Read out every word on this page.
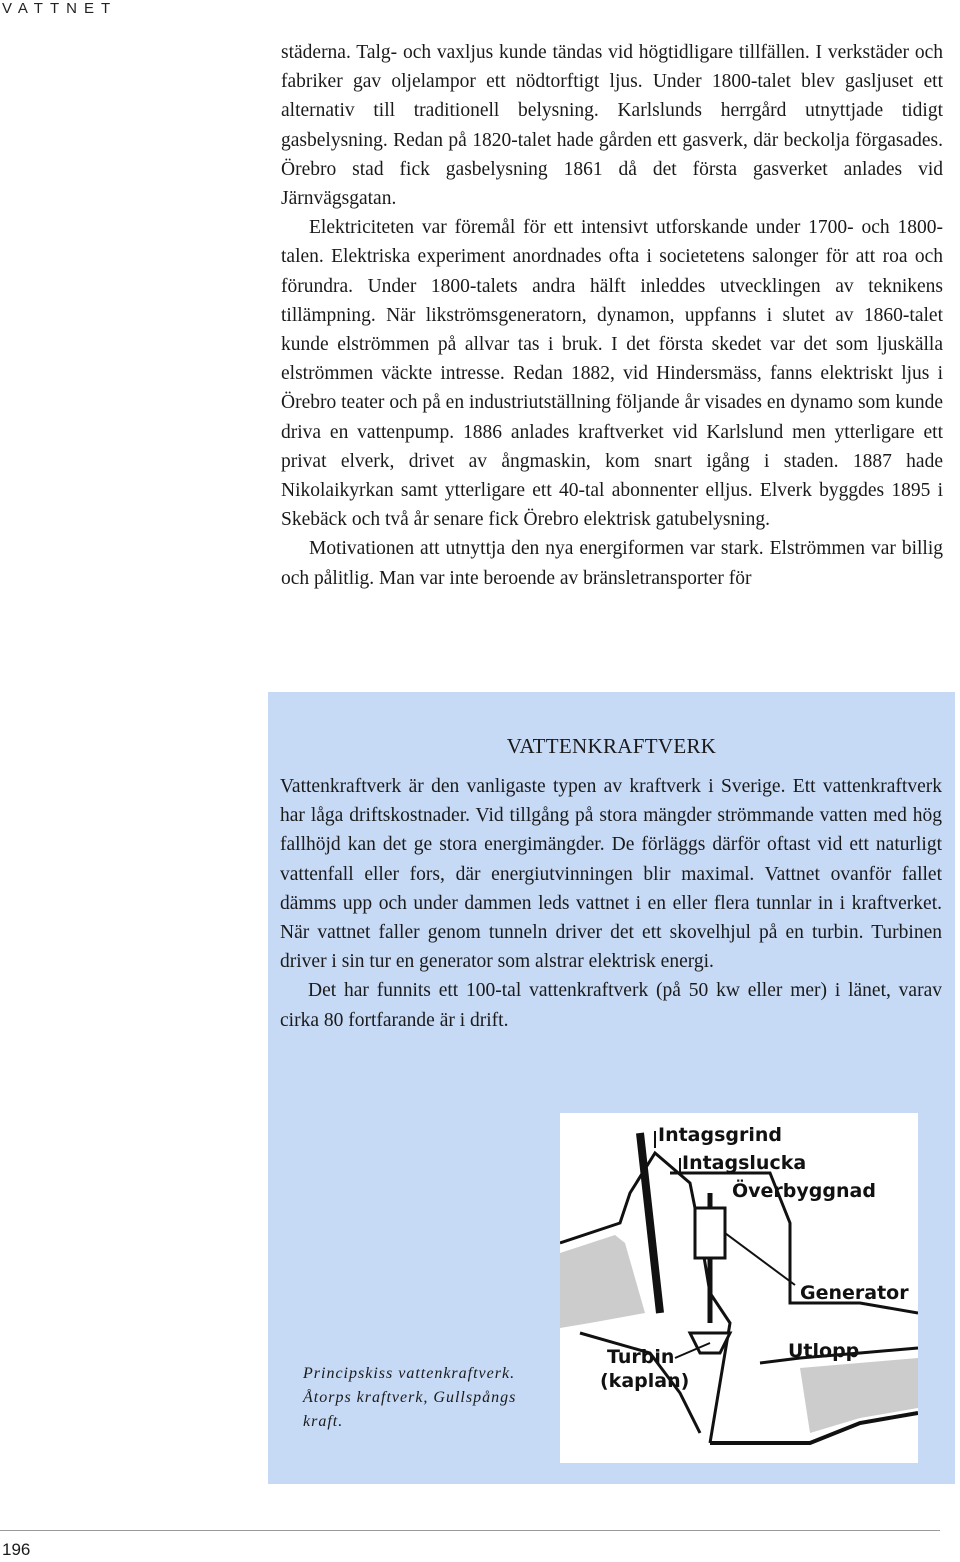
VATTNET

städerna. Talg- och vaxljus kunde tändas vid högtidligare tillfällen. I verkstäder och fabriker gav oljelampor ett nödtorftigt ljus. Under 1800-talet blev gasljuset ett alternativ till traditionell belysning. Karlslunds herrgård utnyttjade tidigt gasbelysning. Redan på 1820-talet hade gården ett gasverk, där beckolja förgasades. Örebro stad fick gasbelysning 1861 då det första gasverket anlades vid Järnvägsgatan.

Elektriciteten var föremål för ett intensivt utforskande under 1700- och 1800-talen. Elektriska experiment anordnades ofta i societetens salonger för att roa och förundra. Under 1800-talets andra hälft inleddes utvecklingen av teknikens tillämpning. När likströmsgeneratorn, dynamon, uppfanns i slutet av 1860-talet kunde elströmmen på allvar tas i bruk. I det första skedet var det som ljuskälla elströmmen väckte intresse. Redan 1882, vid Hindersmäss, fanns elektriskt ljus i Örebro teater och på en industriutställning följande år visades en dynamo som kunde driva en vattenpump. 1886 anlades kraftverket vid Karlslund men ytterligare ett privat elverk, drivet av ångmaskin, kom snart igång i staden. 1887 hade Nikolaikyrkan samt ytterligare ett 40-tal abonnenter elljus. Elverk byggdes 1895 i Skebäck och två år senare fick Örebro elektrisk gatubelysning.

Motivationen att utnyttja den nya energiformen var stark. Elströmmen var billig och pålitlig. Man var inte beroende av bränsletransporter för

VATTENKRAFTVERK

Vattenkraftverk är den vanligaste typen av kraftverk i Sverige. Ett vattenkraftverk har låga driftskostnader. Vid tillgång på stora mängder strömmande vatten med hög fallhöjd kan det ge stora energimängder. De förläggs därför oftast vid ett naturligt vattenfall eller fors, där energiutvinningen blir maximal. Vattnet ovanför fallet dämms upp och under dammen leds vattnet i en eller flera tunnlar in i kraftverket. När vattnet faller genom tunneln driver det ett skovelhjul på en turbin. Turbinen driver i sin tur en generator som alstrar elektrisk energi.

Det har funnits ett 100-tal vattenkraftverk (på 50 kw eller mer) i länet, varav cirka 80 fortfarande är i drift.

Principskiss vattenkraftverk.
Åtorps kraftverk, Gullspångs
kraft.
Intagsgrind
Intagslucka
Överbyggnad
Generator
Utlopp
Turbin
(kaplan)
196
